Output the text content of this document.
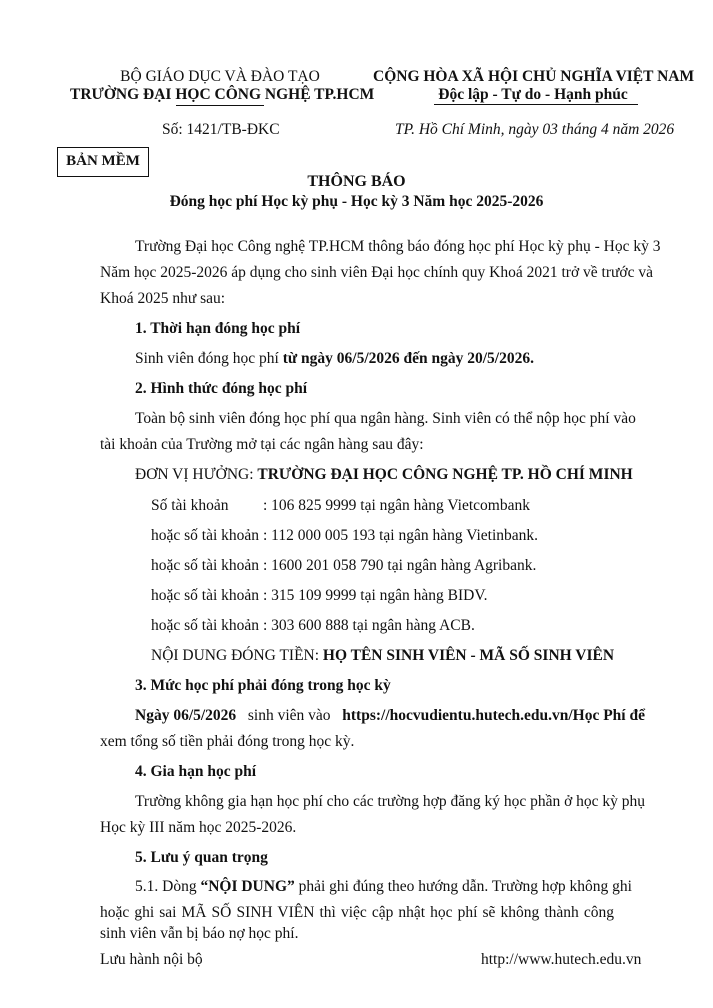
BỘ GIÁO DỤC VÀ ĐÀO TẠO
TRƯỜNG ĐẠI HỌC CÔNG NGHỆ TP.HCM
CỘNG HÒA XÃ HỘI CHỦ NGHĨA VIỆT NAM
Độc lập - Tự do - Hạnh phúc
Số: 1421/TB-ĐKC	TP. Hồ Chí Minh, ngày 03 tháng 4 năm 2026
BẢN MỀM
THÔNG BÁO
Đóng học phí Học kỳ phụ - Học kỳ 3 Năm học 2025-2026
Trường Đại học Công nghệ TP.HCM thông báo đóng học phí Học kỳ phụ - Học kỳ 3
Năm học 2025-2026 áp dụng cho sinh viên Đại học chính quy Khoá 2021 trở về trước và
Khoá 2025 như sau:
1. Thời hạn đóng học phí
Sinh viên đóng học phí từ ngày 06/5/2026 đến ngày 20/5/2026.
2. Hình thức đóng học phí
Toàn bộ sinh viên đóng học phí qua ngân hàng. Sinh viên có thể nộp học phí vào
tài khoản của Trường mở tại các ngân hàng sau đây:
ĐƠN VỊ HƯỞNG: TRƯỜNG ĐẠI HỌC CÔNG NGHỆ TP. HỒ CHÍ MINH
Số tài khoản : 106 825 9999 tại ngân hàng Vietcombank
hoặc số tài khoản : 112 000 005 193 tại ngân hàng Vietinbank.
hoặc số tài khoản : 1600 201 058 790 tại ngân hàng Agribank.
hoặc số tài khoản : 315 109 9999 tại ngân hàng BIDV.
hoặc số tài khoản : 303 600 888 tại ngân hàng ACB.
NỘI DUNG ĐÓNG TIỀN: HỌ TÊN SINH VIÊN - MÃ SỐ SINH VIÊN
3. Mức học phí phải đóng trong học kỳ
Ngày 06/5/2026 sinh viên vào https://hocvudientu.hutech.edu.vn/Học Phí để
xem tổng số tiền phải đóng trong học kỳ.
4. Gia hạn học phí
Trường không gia hạn học phí cho các trường hợp đăng ký học phần ở học kỳ phụ
Học kỳ III năm học 2025-2026.
5. Lưu ý quan trọng
5.1. Dòng “NỘI DUNG” phải ghi đúng theo hướng dẫn. Trường hợp không ghi
hoặc ghi sai MÃ SỐ SINH VIÊN thì việc cập nhật học phí sẽ không thành công
sinh viên vẫn bị báo nợ học phí.
Lưu hành nội bộ	http://www.hutech.edu.vn
